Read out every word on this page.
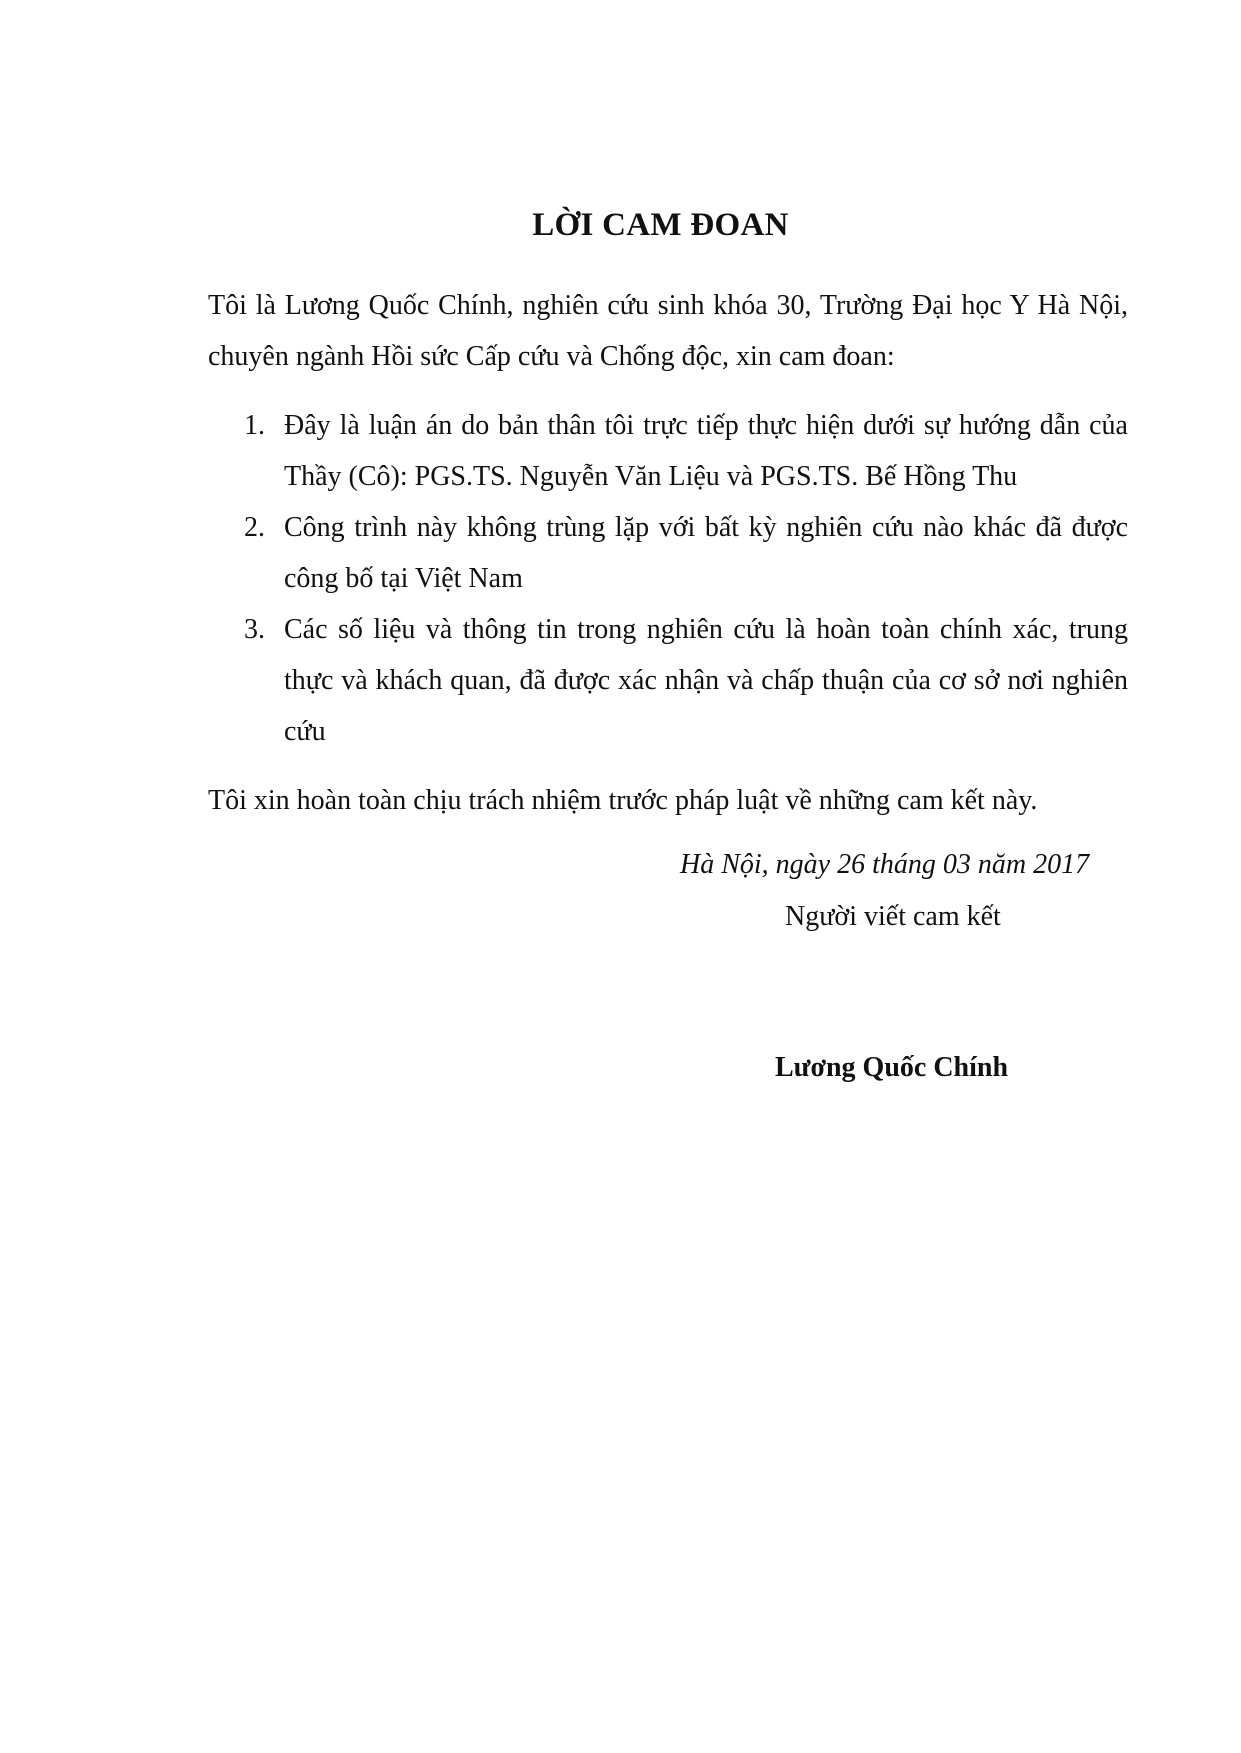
LỜI CAM ĐOAN
Tôi là Lương Quốc Chính, nghiên cứu sinh khóa 30, Trường Đại học Y Hà Nội, chuyên ngành Hồi sức Cấp cứu và Chống độc, xin cam đoan:
1. Đây là luận án do bản thân tôi trực tiếp thực hiện dưới sự hướng dẫn của Thầy (Cô): PGS.TS. Nguyễn Văn Liệu và PGS.TS. Bế Hồng Thu
2. Công trình này không trùng lặp với bất kỳ nghiên cứu nào khác đã được công bố tại Việt Nam
3. Các số liệu và thông tin trong nghiên cứu là hoàn toàn chính xác, trung thực và khách quan, đã được xác nhận và chấp thuận của cơ sở nơi nghiên cứu
Tôi xin hoàn toàn chịu trách nhiệm trước pháp luật về những cam kết này.
Hà Nội, ngày 26 tháng 03 năm 2017
Người viết cam kết
Lương Quốc Chính
